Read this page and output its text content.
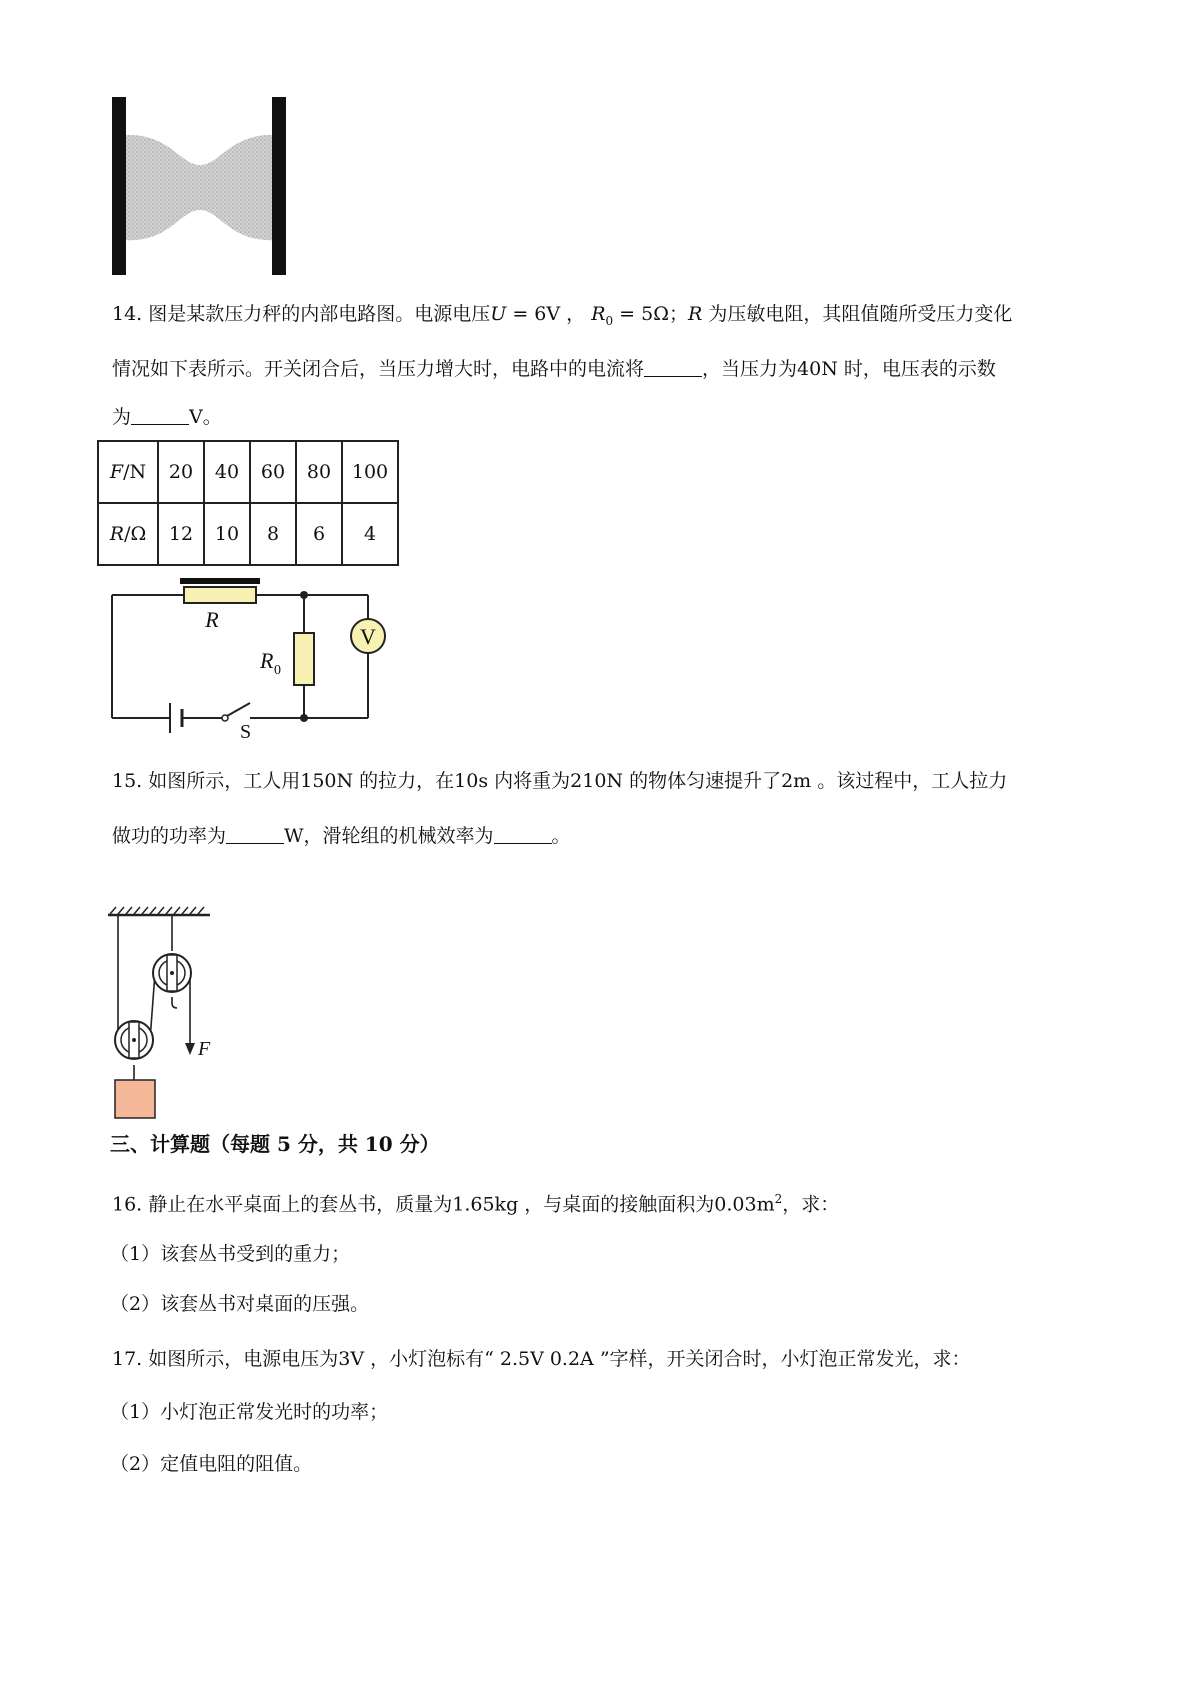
14. 图是某款压力秤的内部电路图。电源电压U = 6V ， $R_0 = 5\Omega$；R 为压敏电阻，其阻值随所受压力变化
情况如下表所示。开关闭合后，当压力增大时，电路中的电流将	，当压力为40N 时，电压表的示数
为	V。
F/N	20	40	60	80	100
R/Ω	12	10	8	6	4
V
R
R 0
S
15. 如图所示，工人用150N 的拉力，在10s 内将重为210N 的物体匀速提升了2m 。该过程中，工人拉力
做功的功率为	W，滑轮组的机械效率为	。
F
三、计算题（每题 5 分，共 10 分）
16. 静止在水平桌面上的套丛书，质量为1.65kg ，与桌面的接触面积为$0.03m^2$，求：
（1）该套丛书受到的重力；
（2）该套丛书对桌面的压强。
17. 如图所示，电源电压为3V ，小灯泡标有“ 2.5V 0.2A ”字样，开关闭合时，小灯泡正常发光，求：
（1）小灯泡正常发光时的功率；
（2）定值电阻的阻值。
